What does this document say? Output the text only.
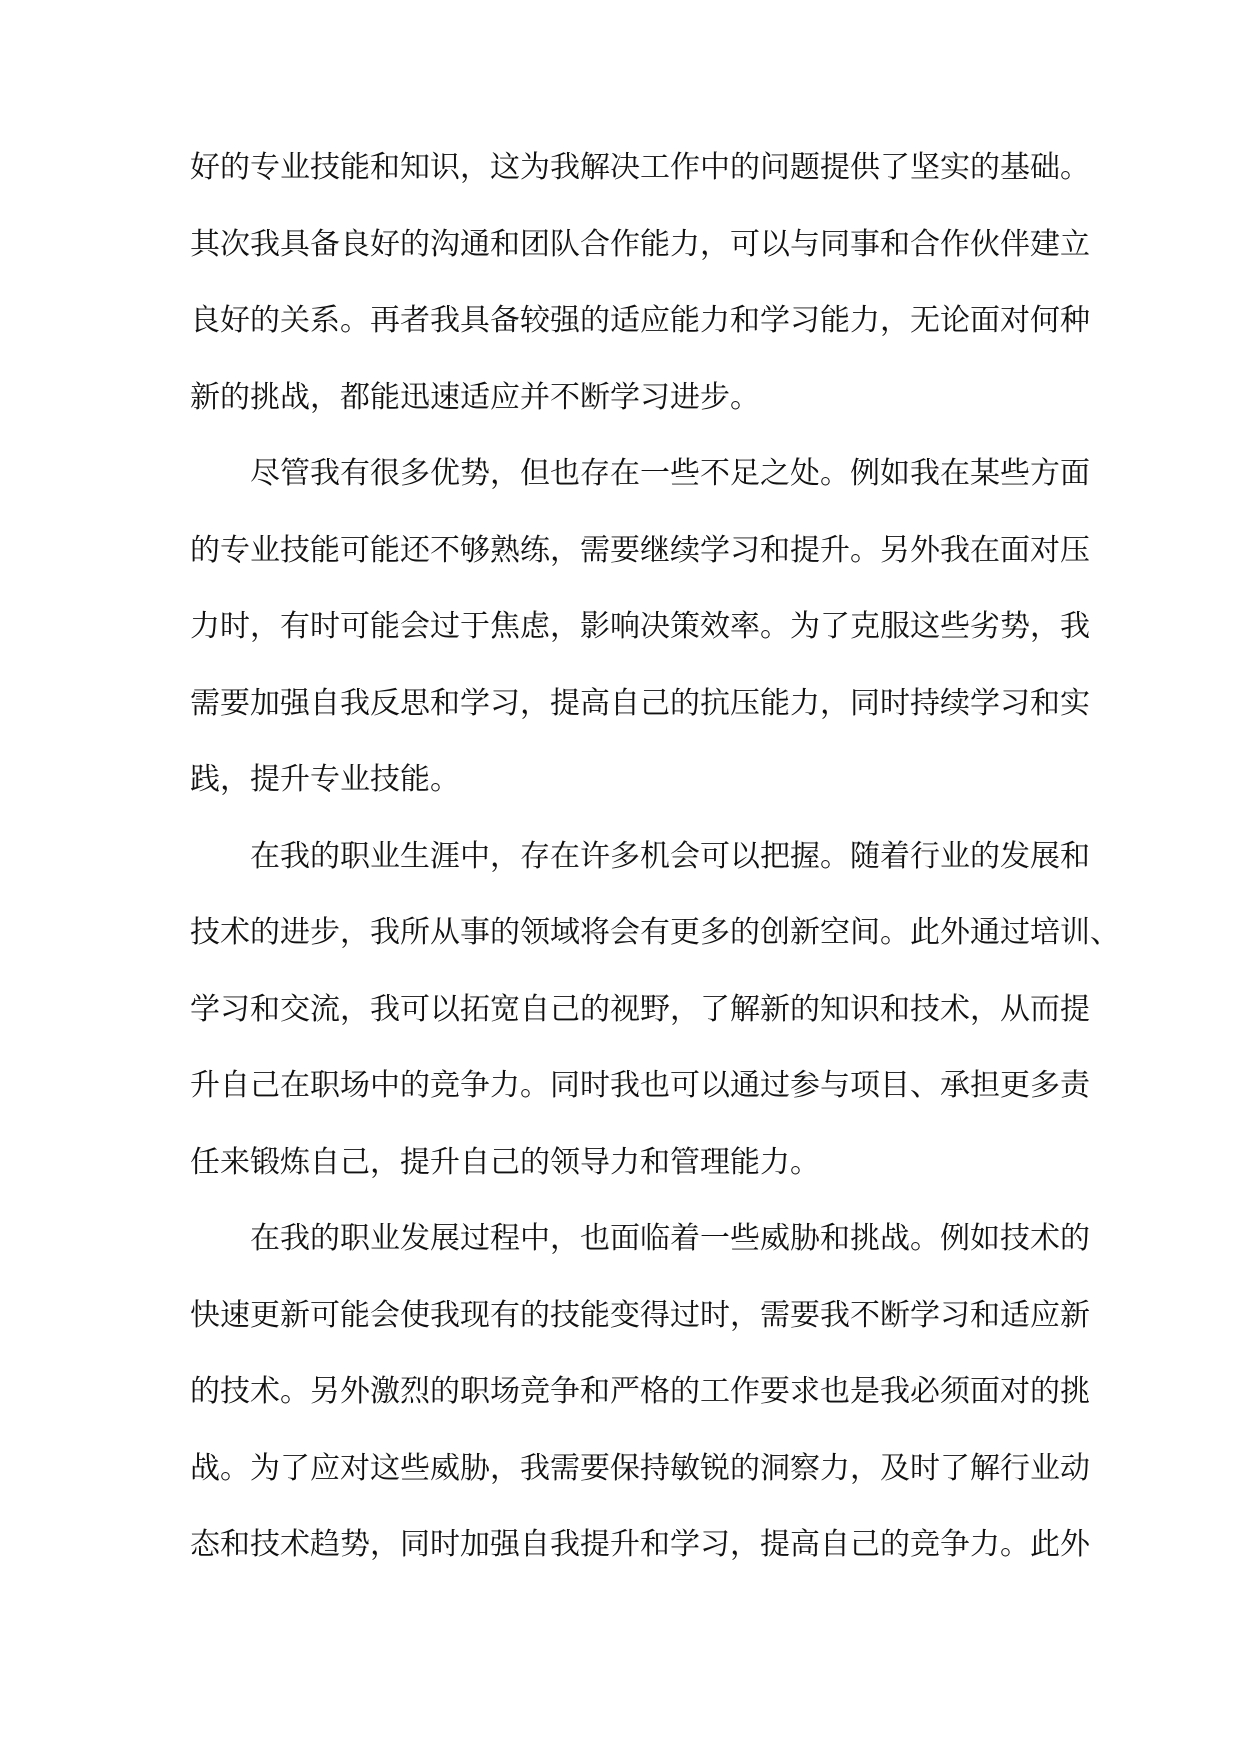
好的专业技能和知识，这为我解决工作中的问题提供了坚实的基础。
其次我具备良好的沟通和团队合作能力，可以与同事和合作伙伴建立
良好的关系。再者我具备较强的适应能力和学习能力，无论面对何种
新的挑战，都能迅速适应并不断学习进步。
尽管我有很多优势，但也存在一些不足之处。例如我在某些方面
的专业技能可能还不够熟练，需要继续学习和提升。另外我在面对压
力时，有时可能会过于焦虑，影响决策效率。为了克服这些劣势，我
需要加强自我反思和学习，提高自己的抗压能力，同时持续学习和实
践，提升专业技能。
在我的职业生涯中，存在许多机会可以把握。随着行业的发展和
技术的进步，我所从事的领域将会有更多的创新空间。此外通过培训、
学习和交流，我可以拓宽自己的视野，了解新的知识和技术，从而提
升自己在职场中的竞争力。同时我也可以通过参与项目、承担更多责
任来锻炼自己，提升自己的领导力和管理能力。
在我的职业发展过程中，也面临着一些威胁和挑战。例如技术的
快速更新可能会使我现有的技能变得过时，需要我不断学习和适应新
的技术。另外激烈的职场竞争和严格的工作要求也是我必须面对的挑
战。为了应对这些威胁，我需要保持敏锐的洞察力，及时了解行业动
态和技术趋势，同时加强自我提升和学习，提高自己的竞争力。此外
